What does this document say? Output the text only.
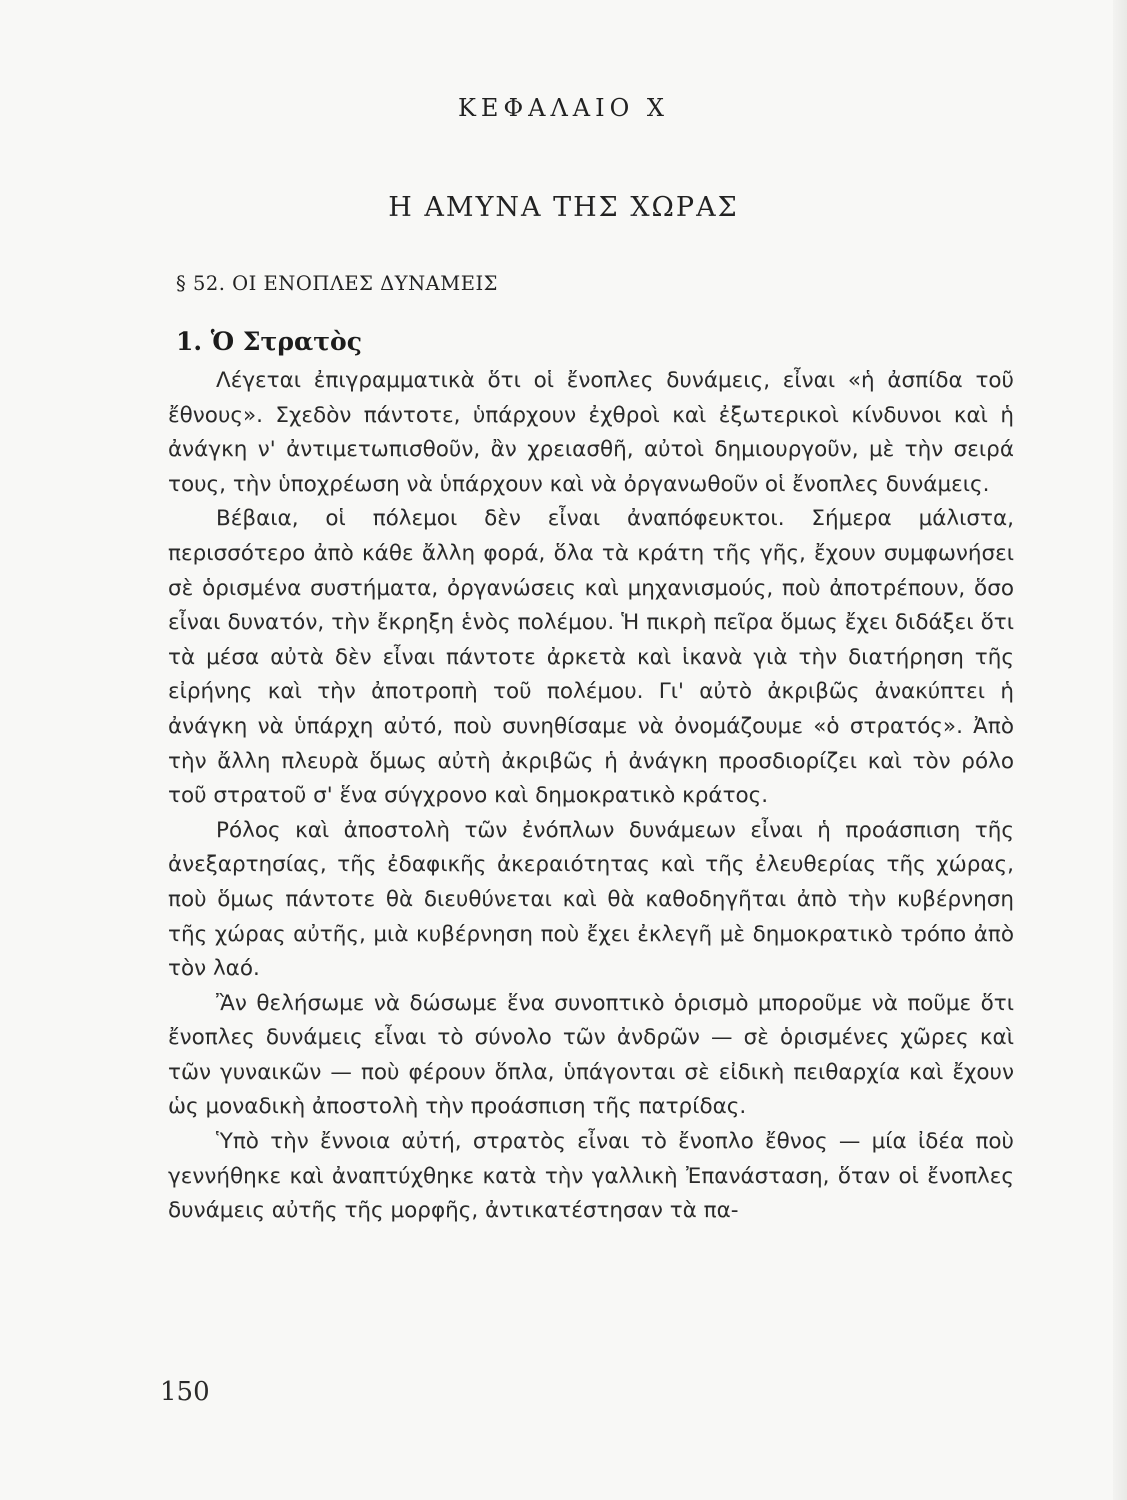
ΚΕΦΑΛΑΙΟ X
Η ΑΜΥΝΑ ΤΗΣ ΧΩΡΑΣ
§ 52. ΟΙ ΕΝΟΠΛΕΣ ΔΥΝΑΜΕΙΣ
1. Ὁ Στρατὸς

Λέγεται ἐπιγραμματικὰ ὅτι οἱ ἔνοπλες δυνάμεις, εἶναι «ἡ ἀσπίδα τοῦ ἔθνους». Σχεδὸν πάντοτε, ὑπάρχουν ἐχθροὶ καὶ ἐξωτερικοὶ κίνδυνοι καὶ ἡ ἀνάγκη ν' ἀντιμετωπισθοῦν, ἂν χρειασθῆ, αὐτοὶ δημιουργοῦν, μὲ τὴν σειρά τους, τὴν ὑποχρέωση νὰ ὑπάρχουν καὶ νὰ ὀργανωθοῦν οἱ ἔνοπλες δυνάμεις.

Βέβαια, οἱ πόλεμοι δὲν εἶναι ἀναπόφευκτοι. Σήμερα μάλιστα, περισσότερο ἀπὸ κάθε ἄλλη φορά, ὅλα τὰ κράτη τῆς γῆς, ἔχουν συμφωνήσει σὲ ὁρισμένα συστήματα, ὀργανώσεις καὶ μηχανισμούς, ποὺ ἀποτρέπουν, ὅσο εἶναι δυνατόν, τὴν ἔκρηξη ἑνὸς πολέμου. Ἡ πικρὴ πεῖρα ὅμως ἔχει διδάξει ὅτι τὰ μέσα αὐτὰ δὲν εἶναι πάντοτε ἀρκετὰ καὶ ἱκανὰ γιὰ τὴν διατήρηση τῆς εἰρήνης καὶ τὴν ἀποτροπὴ τοῦ πολέμου. Γι' αὐτὸ ἀκριβῶς ἀνακύπτει ἡ ἀνάγκη νὰ ὑπάρχη αὐτό, ποὺ συνηθίσαμε νὰ ὀνομάζουμε «ὁ στρατός». Ἀπὸ τὴν ἄλλη πλευρὰ ὅμως αὐτὴ ἀκριβῶς ἡ ἀνάγκη προσδιορίζει καὶ τὸν ρόλο τοῦ στρατοῦ σ' ἕνα σύγχρονο καὶ δημοκρατικὸ κράτος.

Ρόλος καὶ ἀποστολὴ τῶν ἐνόπλων δυνάμεων εἶναι ἡ προάσπιση τῆς ἀνεξαρτησίας, τῆς ἐδαφικῆς ἀκεραιότητας καὶ τῆς ἐλευθερίας τῆς χώρας, ποὺ ὅμως πάντοτε θὰ διευθύνεται καὶ θὰ καθοδηγῆται ἀπὸ τὴν κυβέρνηση τῆς χώρας αὐτῆς, μιὰ κυβέρνηση ποὺ ἔχει ἐκλεγῆ μὲ δημοκρατικὸ τρόπο ἀπὸ τὸν λαό.

Ἂν θελήσωμε νὰ δώσωμε ἕνα συνοπτικὸ ὁρισμὸ μποροῦμε νὰ ποῦμε ὅτι ἔνοπλες δυνάμεις εἶναι τὸ σύνολο τῶν ἀνδρῶν — σὲ ὁρισμένες χῶρες καὶ τῶν γυναικῶν — ποὺ φέρουν ὅπλα, ὑπάγονται σὲ εἰδικὴ πειθαρχία καὶ ἔχουν ὡς μοναδικὴ ἀποστολὴ τὴν προάσπιση τῆς πατρίδας.

Ὑπὸ τὴν ἔννοια αὐτή, στρατὸς εἶναι τὸ ἔνοπλο ἔθνος — μία ἰδέα ποὺ γεννήθηκε καὶ ἀναπτύχθηκε κατὰ τὴν γαλλικὴ Ἐπανάσταση, ὅταν οἱ ἔνοπλες δυνάμεις αὐτῆς τῆς μορφῆς, ἀντικατέστησαν τὰ πα-

150
